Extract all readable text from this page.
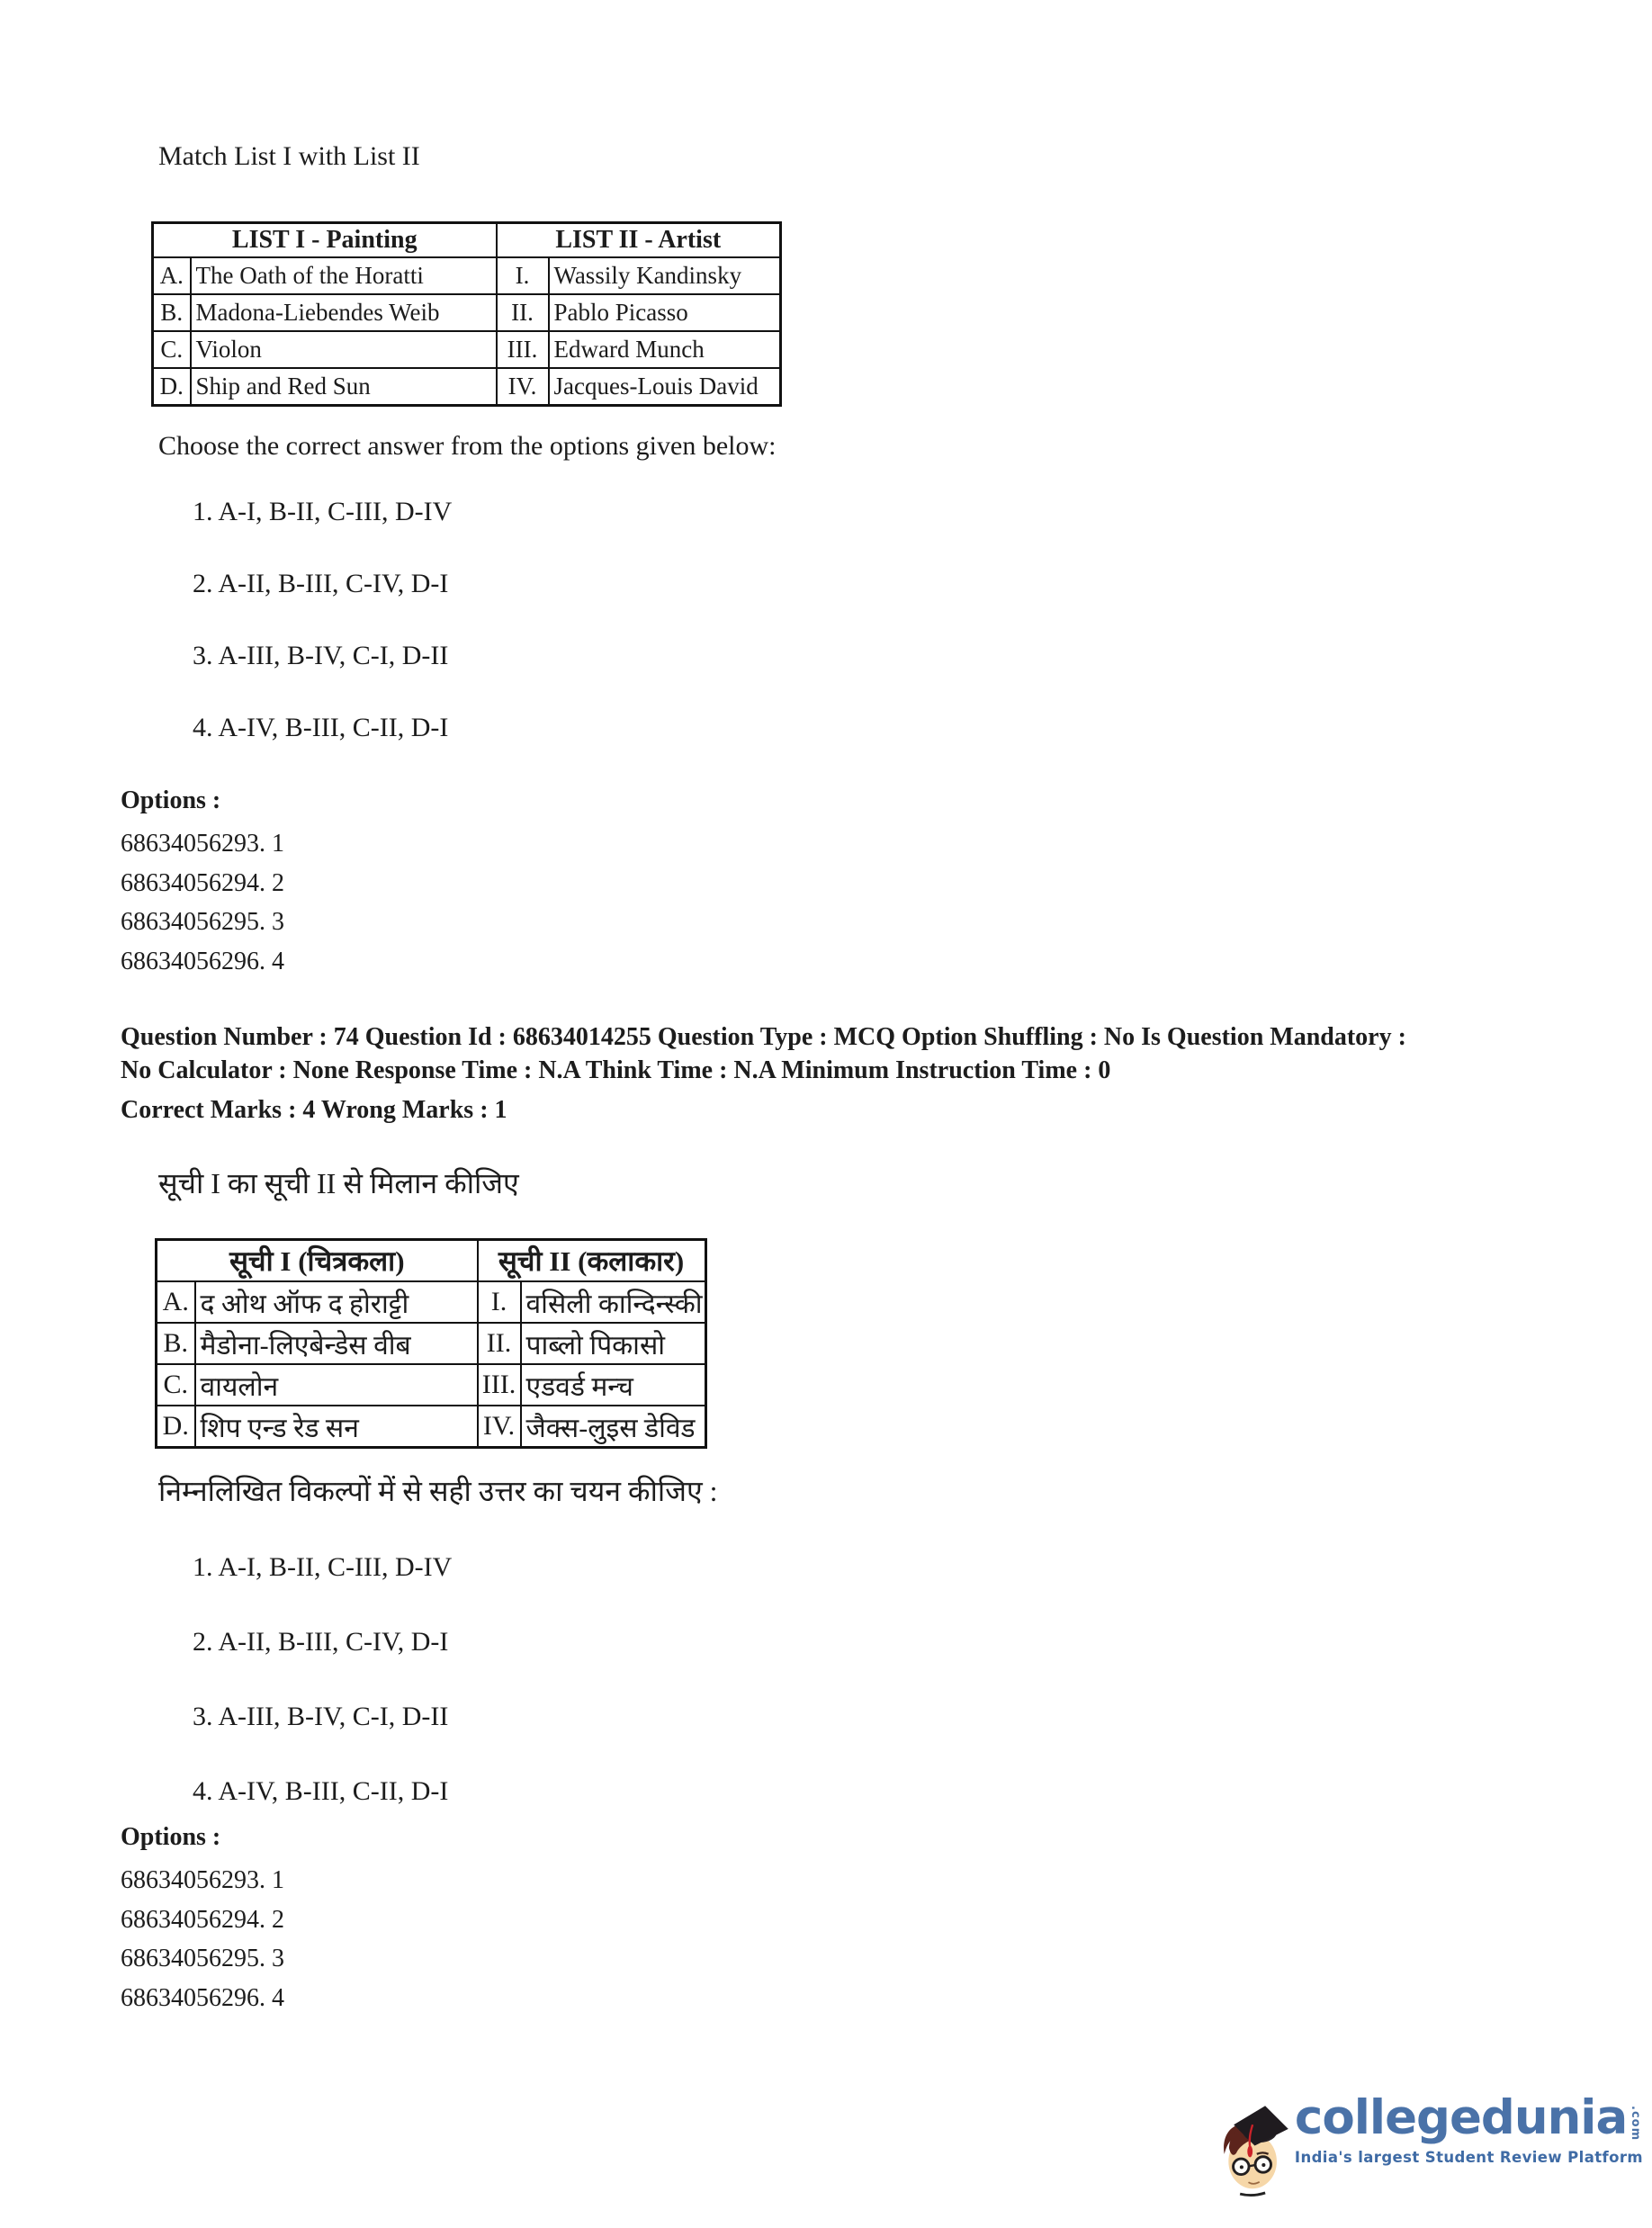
Match List I with List II
LIST I - Painting		LIST II - Artist	
A.	The Oath of the Horatti	I.	Wassily Kandinsky
B.	Madona-Liebendes Weib	II.	Pablo Picasso
C.	Violon	III.	Edward Munch
D.	Ship and Red Sun	IV.	Jacques-Louis David
Choose the correct answer from the options given below:
1. A-I, B-II, C-III, D-IV
2. A-II, B-III, C-IV, D-I
3. A-III, B-IV, C-I, D-II
4. A-IV, B-III, C-II, D-I
Options :
68634056293. 1
68634056294. 2
68634056295. 3
68634056296. 4
Question Number : 74 Question Id : 68634014255 Question Type : MCQ Option Shuffling : No Is Question Mandatory :
No Calculator : None Response Time : N.A Think Time : N.A Minimum Instruction Time : 0
Correct Marks : 4 Wrong Marks : 1
सूची I का सूची II से मिलान कीजिए
सूची I (चित्रकला)		सूची II (कलाकार)	
A.	द ओथ ऑफ द होराट्टी	I.	वसिली कान्दिन्स्की
B.	मैडोना-लिएबेन्डेस वीब	II.	पाब्लो पिकासो
C.	वायलोन	III.	एडवर्ड मन्च
D.	शिप एन्ड रेड सन	IV.	जैक्स-लुइस डेविड
निम्नलिखित विकल्पों में से सही उत्तर का चयन कीजिए :
1. A-I, B-II, C-III, D-IV
2. A-II, B-III, C-IV, D-I
3. A-III, B-IV, C-I, D-II
4. A-IV, B-III, C-II, D-I
Options :
68634056293. 1
68634056294. 2
68634056295. 3
68634056296. 4
collegedunia .com
India's largest Student Review Platform
